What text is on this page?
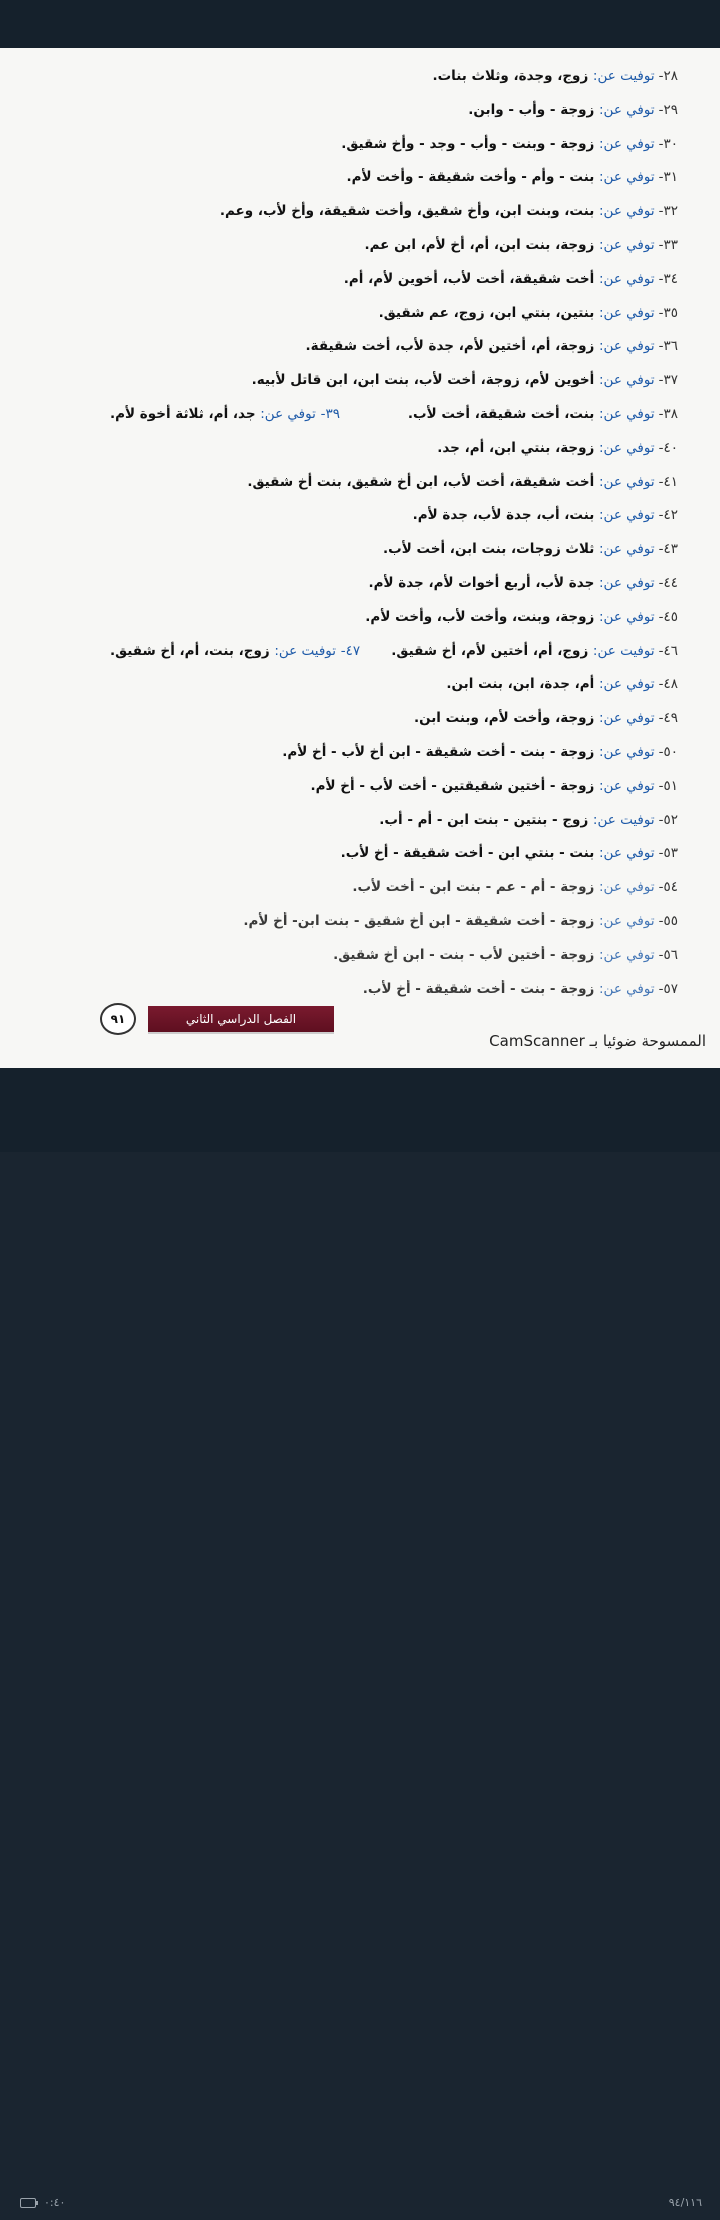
٢٨-توفيت عن: زوج، وجدة، وثلاث بنات.
٢٩-توفي عن: زوجة - وأب - وابن.
٣٠-توفي عن: زوجة - وبنت - وأب - وجد - وأخ شقيق.
٣١-توفي عن: بنت - وأم - وأخت شقيقة - وأخت لأم.
٣٢-توفي عن: بنت، وبنت ابن، وأخ شقيق، وأخت شقيقة، وأخ لأب، وعم.
٣٣-توفي عن: زوجة، بنت ابن، أم، أخ لأم، ابن عم.
٣٤-توفي عن: أخت شقيقة، أخت لأب، أخوين لأم، أم.
٣٥-توفي عن: بنتين، بنتي ابن، زوج، عم شقيق.
٣٦-توفي عن: زوجة، أم، أختين لأم، جدة لأب، أخت شقيقة.
٣٧-توفي عن: أخوين لأم، زوجة، أخت لأب، بنت ابن، ابن قاتل لأبيه.
٣٨-توفي عن: بنت، أخت شقيقة، أخت لأب.
٣٩- توفي عن: جد، أم، ثلاثة أخوة لأم.
٤٠-توفي عن: زوجة، بنتي ابن، أم، جد.
٤١-توفي عن: أخت شقيقة، أخت لأب، ابن أخ شقيق، بنت أخ شقيق.
٤٢-توفي عن: بنت، أب، جدة لأب، جدة لأم.
٤٣-توفي عن: ثلاث زوجات، بنت ابن، أخت لأب.
٤٤-توفي عن: جدة لأب، أربع أخوات لأم، جدة لأم.
٤٥-توفي عن: زوجة، وبنت، وأخت لأب، وأخت لأم.
٤٦-توفيت عن: زوج، أم، أختين لأم، أخ شقيق.
٤٧- توفيت عن: زوج، بنت، أم، أخ شقيق.
٤٨-توفي عن: أم، جدة، ابن، بنت ابن.
٤٩-توفي عن: زوجة، وأخت لأم، وبنت ابن.
٥٠-توفي عن: زوجة - بنت - أخت شقيقة - ابن أخ لأب - أخ لأم.
٥١-توفي عن: زوجة - أختين شقيقتين - أخت لأب - أخ لأم.
٥٢-توفيت عن: زوج - بنتين - بنت ابن - أم - أب.
٥٣-توفي عن: بنت - بنتي ابن - أخت شقيقة - أخ لأب.
٥٤-توفي عن: زوجة - أم - عم - بنت ابن - أخت لأب.
٥٥-توفي عن: زوجة - أخت شقيقة - ابن أخ شقيق - بنت ابن- أخ لأم.
٥٦-توفي عن: زوجة - أختين لأب - بنت - ابن أخ شقيق.
٥٧-توفي عن: زوجة - بنت - أخت شقيقة - أخ لأب.
٩١	الفصل الدراسي الثاني
الممسوحة ضوئيا بـ CamScanner
٠:٤٠	٩٤/١١٦
